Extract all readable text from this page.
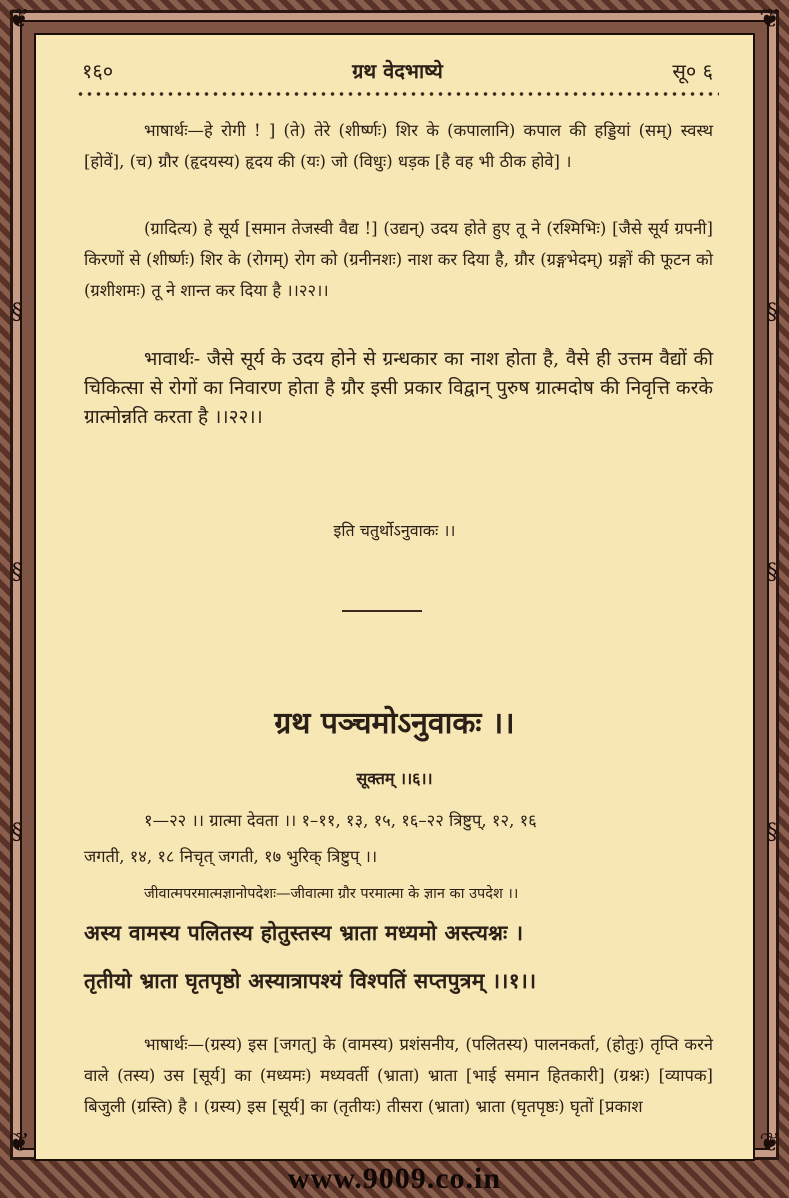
❦	❦
❦	❦
§
§
§
§
§
§
१६०	ग्रथ वेदभाष्ये	सू० ६
भाषार्थः—हे रोगी ! ] (ते) तेरे (शीर्ष्णः) शिर के (कपालानि) कपाल की हड्डियां (सम्) स्वस्थ [होवें], (च) ग्रौर (हृदयस्य) हृदय की (यः) जो (विधुः) धड़क [है वह भी ठीक होवे] ।
(ग्रादित्य) हे सूर्य [समान तेजस्वी वैद्य !] (उद्यन्) उदय होते हुए तू ने (रश्मिभिः) [जैसे सूर्य ग्रपनी] किरणों से (शीर्ष्णः) शिर के (रोगम्) रोग को (ग्रनीनशः) नाश कर दिया है, ग्रौर (ग्रङ्गभेदम्) ग्रङ्गों की फूटन को (ग्रशीशमः) तू ने शान्त कर दिया है ।।२२।।
भावार्थः- जैसे सूर्य के उदय होने से ग्रन्धकार का नाश होता है, वैसे ही उत्तम वैद्यों की चिकित्सा से रोगों का निवारण होता है ग्रौर इसी प्रकार विद्वान् पुरुष ग्रात्मदोष की निवृत्ति करके ग्रात्मोन्नति करता है ।।२२।।
इति चतुर्थोऽनुवाकः ।।
ग्रथ पञ्चमोऽनुवाकः ।।
सूक्तम् ।।६।।
१—२२ ।। ग्रात्मा देवता ।। १–११, १३, १५, १६–२२ त्रिष्टुप्, १२, १६
जगती, १४, १८ निचृत् जगती, १७ भुरिक् त्रिष्टुप् ।।
जीवात्मपरमात्मज्ञानोपदेशः—जीवात्मा ग्रौर परमात्मा के ज्ञान का उपदेश ।।
अस्य वामस्य पलितस्य होतुस्तस्य भ्राता मध्यमो अस्त्यश्नः ।
तृतीयो भ्राता घृतपृष्ठो अस्यात्रापश्यं विश्पतिं सप्तपुत्रम् ।।१।।
भाषार्थः—(ग्रस्य) इस [जगत्] के (वामस्य) प्रशंसनीय, (पलितस्य) पालनकर्ता, (होतुः) तृप्ति करने वाले (तस्य) उस [सूर्य] का (मध्यमः) मध्यवर्ती (भ्राता) भ्राता [भाई समान हितकारी] (ग्रश्नः) [व्यापक] बिजुली (ग्रस्ति) है । (ग्रस्य) इस [सूर्य] का (तृतीयः) तीसरा (भ्राता) भ्राता (घृतपृष्ठः) घृतों [प्रकाश
www.9009.co.in
